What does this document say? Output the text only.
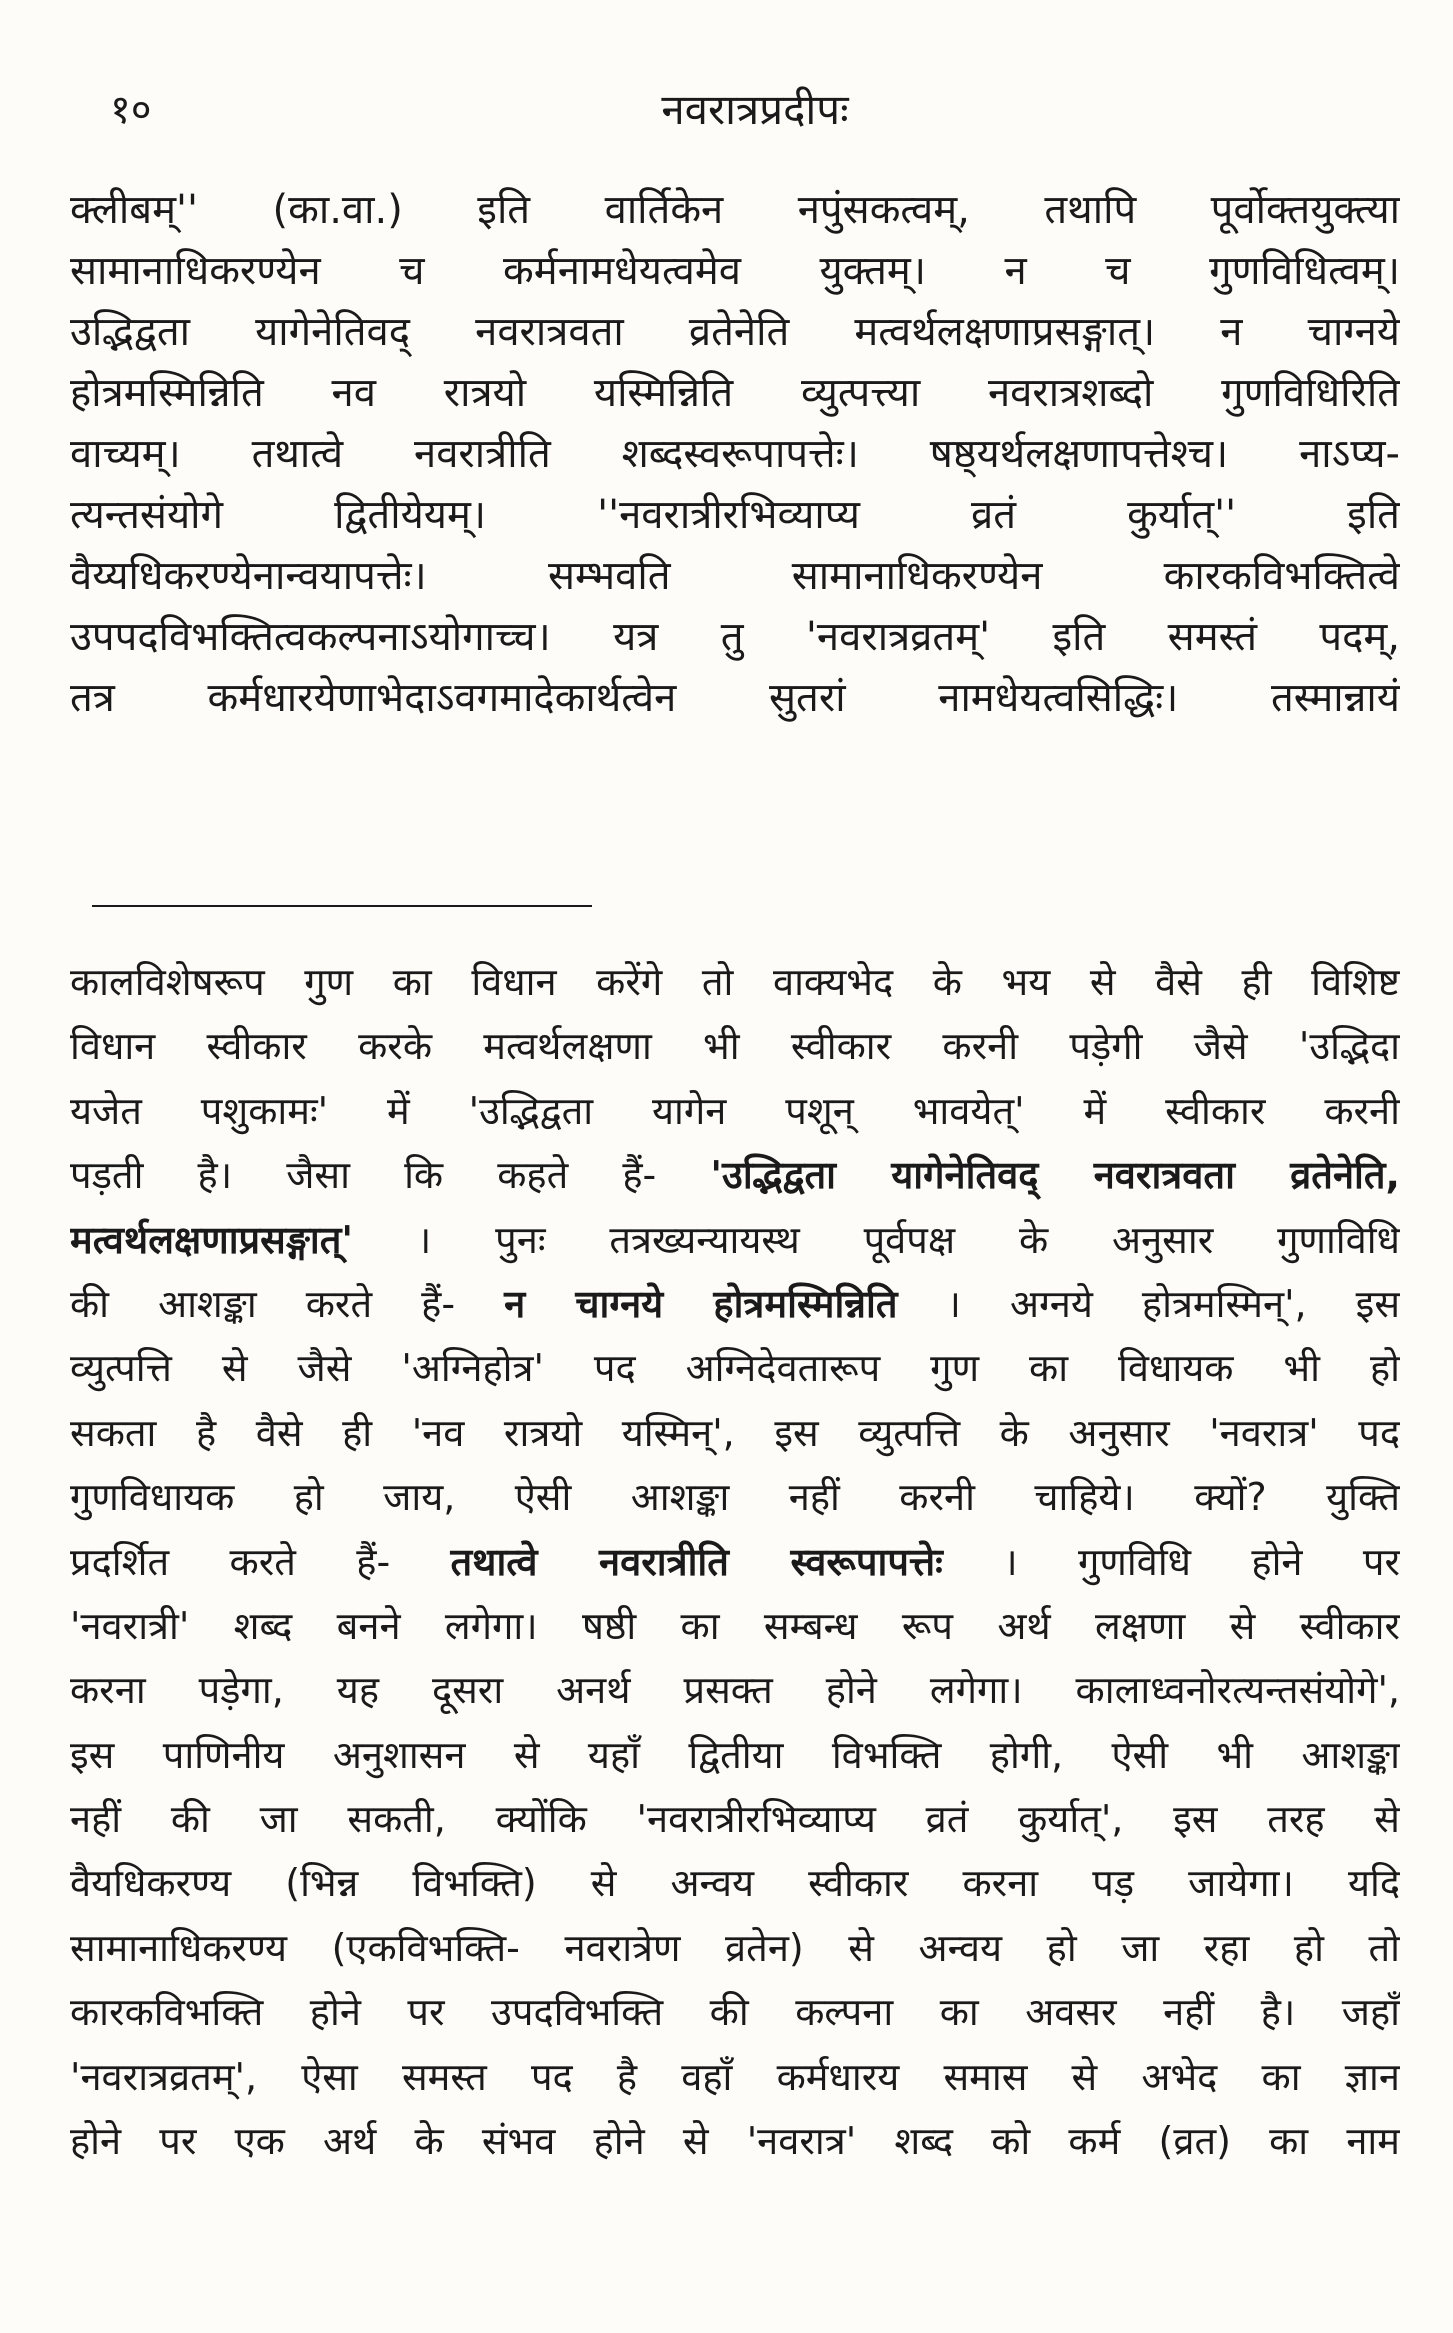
१०	नवरात्रप्रदीपः
क्लीबम्'' (का.वा.) इति वार्तिकेन नपुंसकत्वम्, तथापि पूर्वोक्तयुक्त्या
सामानाधिकरण्येन च कर्मनामधेयत्वमेव युक्तम्। न च गुणविधित्वम्।
उद्भिद्वता यागेनेतिवद् नवरात्रवता व्रतेनेति मत्वर्थलक्षणाप्रसङ्गात्। न चाग्नये
होत्रमस्मिन्निति नव रात्रयो यस्मिन्निति व्युत्पत्त्या नवरात्रशब्दो गुणविधिरिति
वाच्यम्। तथात्वे नवरात्रीति शब्दस्वरूपापत्तेः। षष्ठ्यर्थलक्षणापत्तेश्च। नाऽप्य-
त्यन्तसंयोगे द्वितीयेयम्। ''नवरात्रीरभिव्याप्य व्रतं कुर्यात्'' इति
वैय्यधिकरण्येनान्वयापत्तेः। सम्भवति सामानाधिकरण्येन कारकविभक्तित्वे
उपपदविभक्तित्वकल्पनाऽयोगाच्च। यत्र तु 'नवरात्रव्रतम्' इति समस्तं पदम्,
तत्र कर्मधारयेणाभेदाऽवगमादेकार्थत्वेन सुतरां नामधेयत्वसिद्धिः। तस्मान्नायं
कालविशेषरूप गुण का विधान करेंगे तो वाक्यभेद के भय से वैसे ही विशिष्ट
विधान स्वीकार करके मत्वर्थलक्षणा भी स्वीकार करनी पड़ेगी जैसे 'उद्भिदा
यजेत पशुकामः' में 'उद्भिद्वता यागेन पशून् भावयेत्' में स्वीकार करनी
पड़ती है। जैसा कि कहते हैं- 'उद्भिद्वता यागेनेतिवद् नवरात्रवता व्रतेनेति,
मत्वर्थलक्षणाप्रसङ्गात्' । पुनः तत्रख्यन्यायस्थ पूर्वपक्ष के अनुसार गुणाविधि
की आशङ्का करते हैं- न चाग्नये होत्रमस्मिन्निति । अग्नये होत्रमस्मिन्', इस
व्युत्पत्ति से जैसे 'अग्निहोत्र' पद अग्निदेवतारूप गुण का विधायक भी हो
सकता है वैसे ही 'नव रात्रयो यस्मिन्', इस व्युत्पत्ति के अनुसार 'नवरात्र' पद
गुणविधायक हो जाय, ऐसी आशङ्का नहीं करनी चाहिये। क्यों? युक्ति
प्रदर्शित करते हैं- तथात्वे नवरात्रीति स्वरूपापत्तेः । गुणविधि होने पर
'नवरात्री' शब्द बनने लगेगा। षष्ठी का सम्बन्ध रूप अर्थ लक्षणा से स्वीकार
करना पड़ेगा, यह दूसरा अनर्थ प्रसक्त होने लगेगा। कालाध्वनोरत्यन्तसंयोगे',
इस पाणिनीय अनुशासन से यहाँ द्वितीया विभक्ति होगी, ऐसी भी आशङ्का
नहीं की जा सकती, क्योंकि 'नवरात्रीरभिव्याप्य व्रतं कुर्यात्', इस तरह से
वैयधिकरण्य (भिन्न विभक्ति) से अन्वय स्वीकार करना पड़ जायेगा। यदि
सामानाधिकरण्य (एकविभक्ति- नवरात्रेण व्रतेन) से अन्वय हो जा रहा हो तो
कारकविभक्ति होने पर उपदविभक्ति की कल्पना का अवसर नहीं है। जहाँ
'नवरात्रव्रतम्', ऐसा समस्त पद है वहाँ कर्मधारय समास से अभेद का ज्ञान
होने पर एक अर्थ के संभव होने से 'नवरात्र' शब्द को कर्म (व्रत) का नाम
